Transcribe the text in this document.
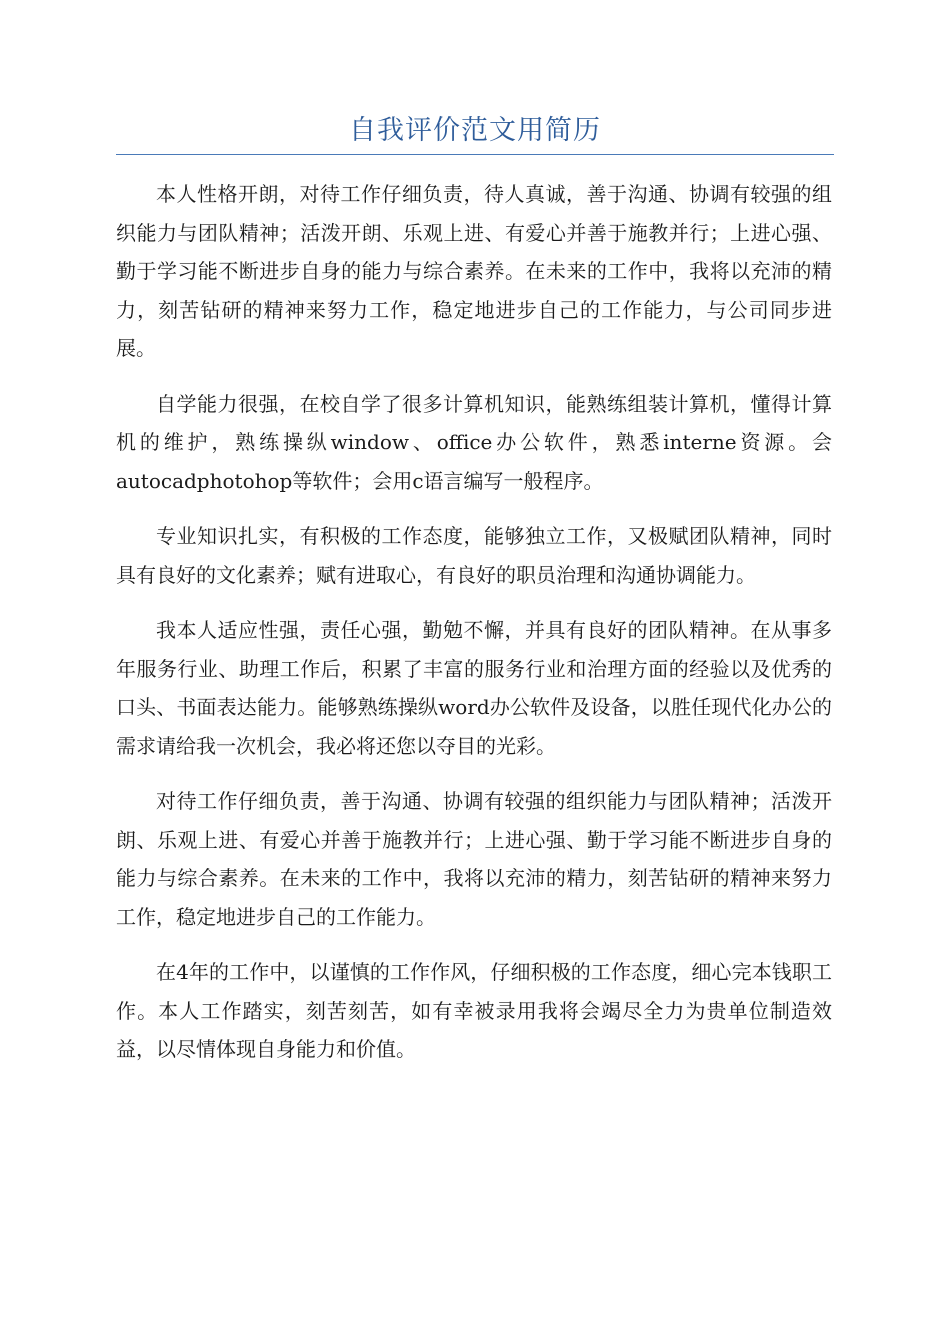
自我评价范文用简历

本人性格开朗，对待工作仔细负责，待人真诚，善于沟通、协调有较强的组织能力与团队精神；活泼开朗、乐观上进、有爱心并善于施教并行；上进心强、勤于学习能不断进步自身的能力与综合素养。在未来的工作中，我将以充沛的精力，刻苦钻研的精神来努力工作，稳定地进步自己的工作能力，与公司同步进展。

自学能力很强，在校自学了很多计算机知识，能熟练组装计算机，懂得计算机的维护，熟练操纵window、office办公软件，熟悉interne资源。会autocadphotohop等软件；会用c语言编写一般程序。

专业知识扎实，有积极的工作态度，能够独立工作，又极赋团队精神，同时具有良好的文化素养；赋有进取心，有良好的职员治理和沟通协调能力。

我本人适应性强，责任心强，勤勉不懈，并具有良好的团队精神。在从事多年服务行业、助理工作后，积累了丰富的服务行业和治理方面的经验以及优秀的口头、书面表达能力。能够熟练操纵word办公软件及设备，以胜任现代化办公的需求请给我一次机会，我必将还您以夺目的光彩。

对待工作仔细负责，善于沟通、协调有较强的组织能力与团队精神；活泼开朗、乐观上进、有爱心并善于施教并行；上进心强、勤于学习能不断进步自身的能力与综合素养。在未来的工作中，我将以充沛的精力，刻苦钻研的精神来努力工作，稳定地进步自己的工作能力。

在4年的工作中，以谨慎的工作作风，仔细积极的工作态度，细心完本钱职工作。本人工作踏实，刻苦刻苦，如有幸被录用我将会竭尽全力为贵单位制造效益，以尽情体现自身能力和价值。
